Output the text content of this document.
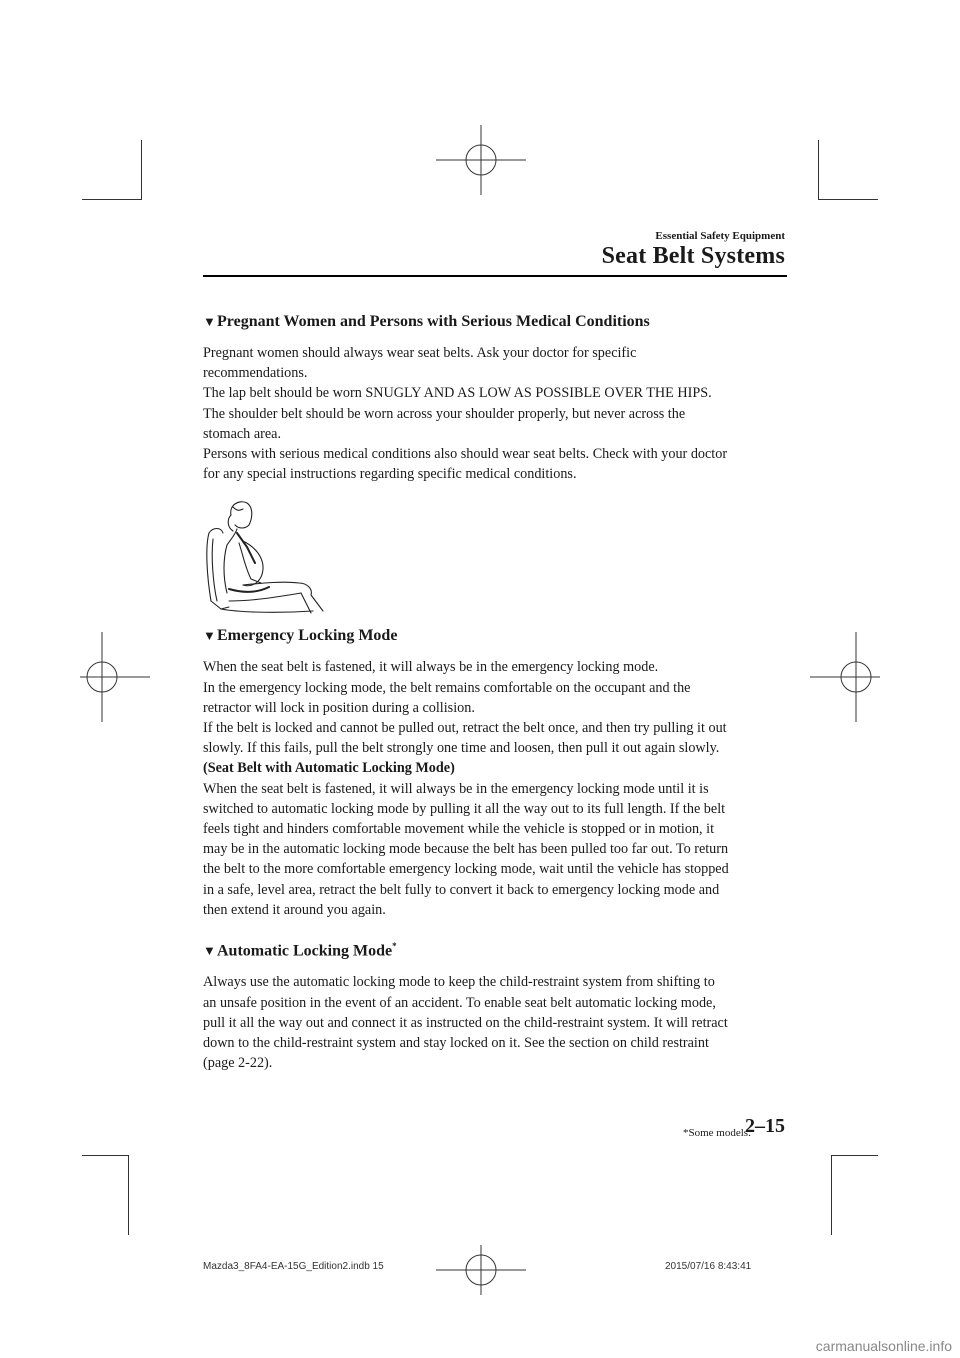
Essential Safety Equipment
Seat Belt Systems
▼Pregnant Women and Persons with Serious Medical Conditions

Pregnant women should always wear seat belts. Ask your doctor for specific

recommendations.

The lap belt should be worn SNUGLY AND AS LOW AS POSSIBLE OVER THE HIPS.

The shoulder belt should be worn across your shoulder properly, but never across the

stomach area.

Persons with serious medical conditions also should wear seat belts. Check with your doctor

for any special instructions regarding specific medical conditions.

▼Emergency Locking Mode

When the seat belt is fastened, it will always be in the emergency locking mode.

In the emergency locking mode, the belt remains comfortable on the occupant and the

retractor will lock in position during a collision.

If the belt is locked and cannot be pulled out, retract the belt once, and then try pulling it out

slowly. If this fails, pull the belt strongly one time and loosen, then pull it out again slowly.

(Seat Belt with Automatic Locking Mode)

When the seat belt is fastened, it will always be in the emergency locking mode until it is

switched to automatic locking mode by pulling it all the way out to its full length. If the belt

feels tight and hinders comfortable movement while the vehicle is stopped or in motion, it

may be in the automatic locking mode because the belt has been pulled too far out. To return

the belt to the more comfortable emergency locking mode, wait until the vehicle has stopped

in a safe, level area, retract the belt fully to convert it back to emergency locking mode and

then extend it around you again.

▼Automatic Locking Mode*

Always use the automatic locking mode to keep the child-restraint system from shifting to

an unsafe position in the event of an accident. To enable seat belt automatic locking mode,

pull it all the way out and connect it as instructed on the child-restraint system. It will retract

down to the child-restraint system and stay locked on it. See the section on child restraint

(page 2-22).

*Some models.
2–15
Mazda3_8FA4-EA-15G_Edition2.indb 15	2015/07/16 8:43:41
carmanualsonline.info
